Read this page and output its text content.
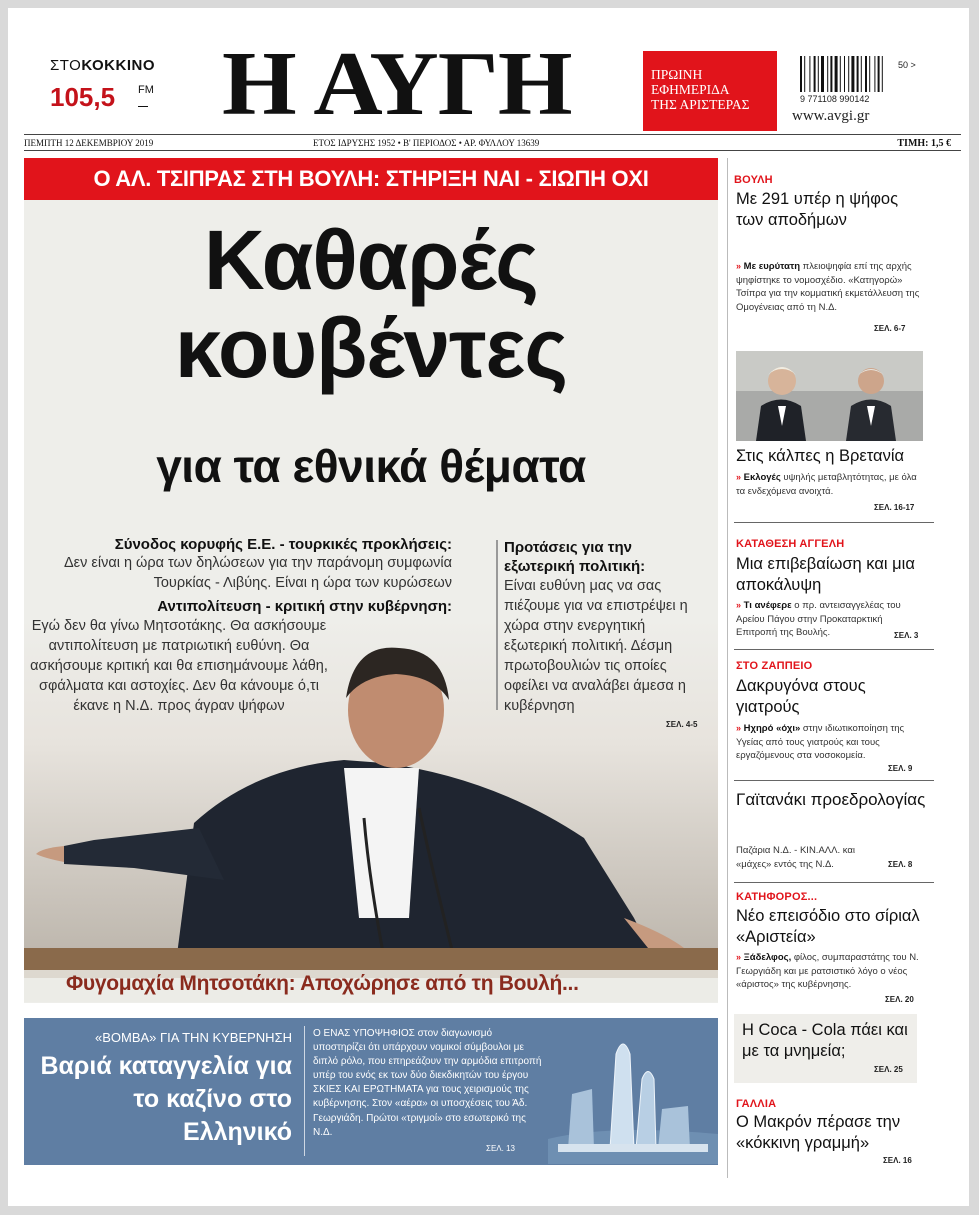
ΣΤΟΚΟΚΚΙΝΟ
105,5 FM Η ΑΥΓΗ	ΠΡΩΙΝΗ
ΕΦΗΜΕΡΙΔΑ
ΤΗΣ ΑΡΙΣΤΕΡΑΣ	9 771108 990142
50 >
www.avgi.gr
ΠΕΜΠΤΗ 12 ΔΕΚΕΜΒΡΙΟΥ 2019	ΕΤΟΣ ΙΔΡΥΣΗΣ 1952 • Β' ΠΕΡΙΟΔΟΣ • ΑΡ. ΦΥΛΛΟΥ 13639	ΤΙΜΗ: 1,5 €
Ο ΑΛ. ΤΣΙΠΡΑΣ ΣΤΗ ΒΟΥΛΗ: ΣΤΗΡΙΞΗ ΝΑΙ - ΣΙΩΠΗ ΟΧΙ
Καθαρές
κουβέντες
για τα εθνικά θέματα
Σύνοδος κορυφής Ε.Ε. - τουρκικές προκλήσεις:
Δεν είναι η ώρα των δηλώσεων για την παράνομη συμφωνία Τουρκίας - Λιβύης. Είναι η ώρα των κυρώσεων
Αντιπολίτευση - κριτική στην κυβέρνηση:
Εγώ δεν θα γίνω Μητσοτάκης. Θα ασκήσουμε αντιπολίτευση με πατριωτική ευθύνη. Θα ασκήσουμε κριτική και θα επισημάνουμε λάθη, σφάλματα και αστοχίες. Δεν θα κάνουμε ό,τι έκανε η Ν.Δ. προς άγραν ψήφων
Προτάσεις για την εξωτερική πολιτική:
Είναι ευθύνη μας να σας πιέζουμε για να επιστρέψει η χώρα στην ενεργητική εξωτερική πολιτική. Δέσμη πρωτοβουλιών τις οποίες οφείλει να αναλάβει άμεσα η κυβέρνηση
ΣΕΛ. 4-5
Φυγομαχία Μητσοτάκη: Αποχώρησε από τη Βουλή...
«ΒΟΜΒΑ» ΓΙΑ ΤΗΝ ΚΥΒΕΡΝΗΣΗ
Βαριά καταγγελία για το καζίνο στο Ελληνικό
Ο ΕΝΑΣ ΥΠΟΨΗΦΙΟΣ στον διαγωνισμό υποστηρίζει ότι υπάρχουν νομικοί σύμβουλοι με διπλό ρόλο, που επηρεάζουν την αρμόδια επιτροπή υπέρ του ενός εκ των δύο διεκδικητών του έργου ΣΚΙΕΣ ΚΑΙ ΕΡΩΤΗΜΑΤΑ για τους χειρισμούς της κυβέρνησης. Στον «αέρα» οι υποσχέσεις του Άδ. Γεωργιάδη. Πρώτοι «τριγμοί» στο εσωτερικό της Ν.Δ.
ΣΕΛ. 13
ΒΟΥΛΗ
Με 291 υπέρ η ψήφος των αποδήμων
» Με ευρύτατη πλειοψηφία επί της αρχής ψηφίστηκε το νομοσχέδιο. «Κατηγορώ» Τσίπρα για την κομματική εκμετάλλευση της Ομογένειας από τη Ν.Δ.
ΣΕΛ. 6-7
Στις κάλπες η Βρετανία
» Εκλογές υψηλής μεταβλητότητας, με όλα τα ενδεχόμενα ανοιχτά.
ΣΕΛ. 16-17
ΚΑΤΑΘΕΣΗ ΑΓΓΕΛΗ
Μια επιβεβαίωση και μια αποκάλυψη
» Τι ανέφερε ο πρ. αντεισαγγελέας του Αρείου Πάγου στην Προκαταρκτική Επιτροπή της Βουλής.	ΣΕΛ. 3
ΣΤΟ ΖΑΠΠΕΙΟ
Δακρυγόνα στους γιατρούς
» Ηχηρό «όχι» στην ιδιωτικοποίηση της Υγείας από τους γιατρούς και τους εργαζόμενους στα νοσοκομεία.
ΣΕΛ. 9
Γαϊτανάκι προεδρολογίας
Παζάρια Ν.Δ. - ΚΙΝ.ΑΛΛ. και «μάχες» εντός της Ν.Δ.	ΣΕΛ. 8
ΚΑΤΗΦΟΡΟΣ...
Νέο επεισόδιο στο σίριαλ «Αριστεία»
» Ξάδελφος, φίλος, συμπαραστάτης του Ν. Γεωργιάδη και με ρατσιστικό λόγο ο νέος «άριστος» της κυβέρνησης.
ΣΕΛ. 20
Η Coca - Cola πάει και με τα μνημεία;
ΣΕΛ. 25
ΓΑΛΛΙΑ
Ο Μακρόν πέρασε την «κόκκινη γραμμή»
ΣΕΛ. 16
